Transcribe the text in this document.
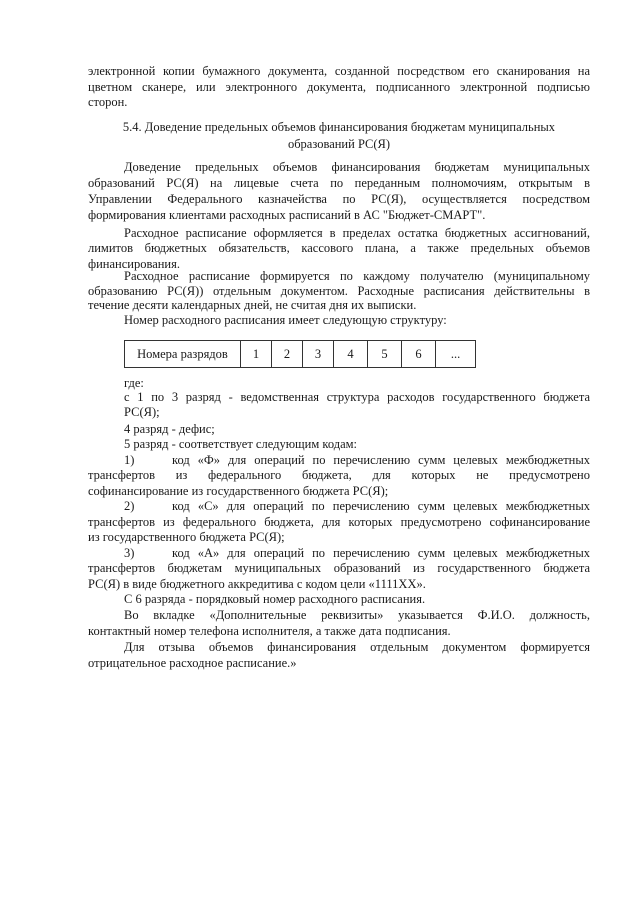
электронной копии бумажного документа, созданной посредством его сканирования на
цветном сканере, или электронного документа, подписанного электронной подписью
сторон.
5.4. Доведение предельных объемов финансирования бюджетам муниципальных
образований РС(Я)
Доведение предельных объемов финансирования бюджетам муниципальных
образований РС(Я) на лицевые счета по переданным полномочиям, открытым в
Управлении Федерального казначейства по РС(Я), осуществляется посредством
формирования клиентами расходных расписаний в АС "Бюджет-СМАРТ".
Расходное расписание оформляется в пределах остатка бюджетных ассигнований,
лимитов бюджетных обязательств, кассового плана, а также предельных объемов
финансирования.
Расходное расписание формируется по каждому получателю (муниципальному
образованию РС(Я)) отдельным документом. Расходные расписания действительны в
течение десяти календарных дней, не считая дня их выписки.
Номер расходного расписания имеет следующую структуру:
Номера разрядов	1	2	3	4	5	6	...
где:
с 1 по 3 разряд - ведомственная структура расходов государственного бюджета
РС(Я);
4 разряд - дефис;
5 разряд - соответствует следующим кодам:
1)	код «Ф» для операций по перечислению сумм целевых межбюджетных
трансфертов из федерального бюджета, для которых не предусмотрено
софинансирование из государственного бюджета РС(Я);
2)	код «С» для операций по перечислению сумм целевых межбюджетных
трансфертов из федерального бюджета, для которых предусмотрено софинансирование
из государственного бюджета РС(Я);
3)	код «А» для операций по перечислению сумм целевых межбюджетных
трансфертов бюджетам муниципальных образований из государственного бюджета
РС(Я) в виде бюджетного аккредитива с кодом цели «1111ХХ».
С 6 разряда - порядковый номер расходного расписания.
Во вкладке «Дополнительные реквизиты» указывается Ф.И.О. должность,
контактный номер телефона исполнителя, а также дата подписания.
Для отзыва объемов финансирования отдельным документом формируется
отрицательное расходное расписание.»
